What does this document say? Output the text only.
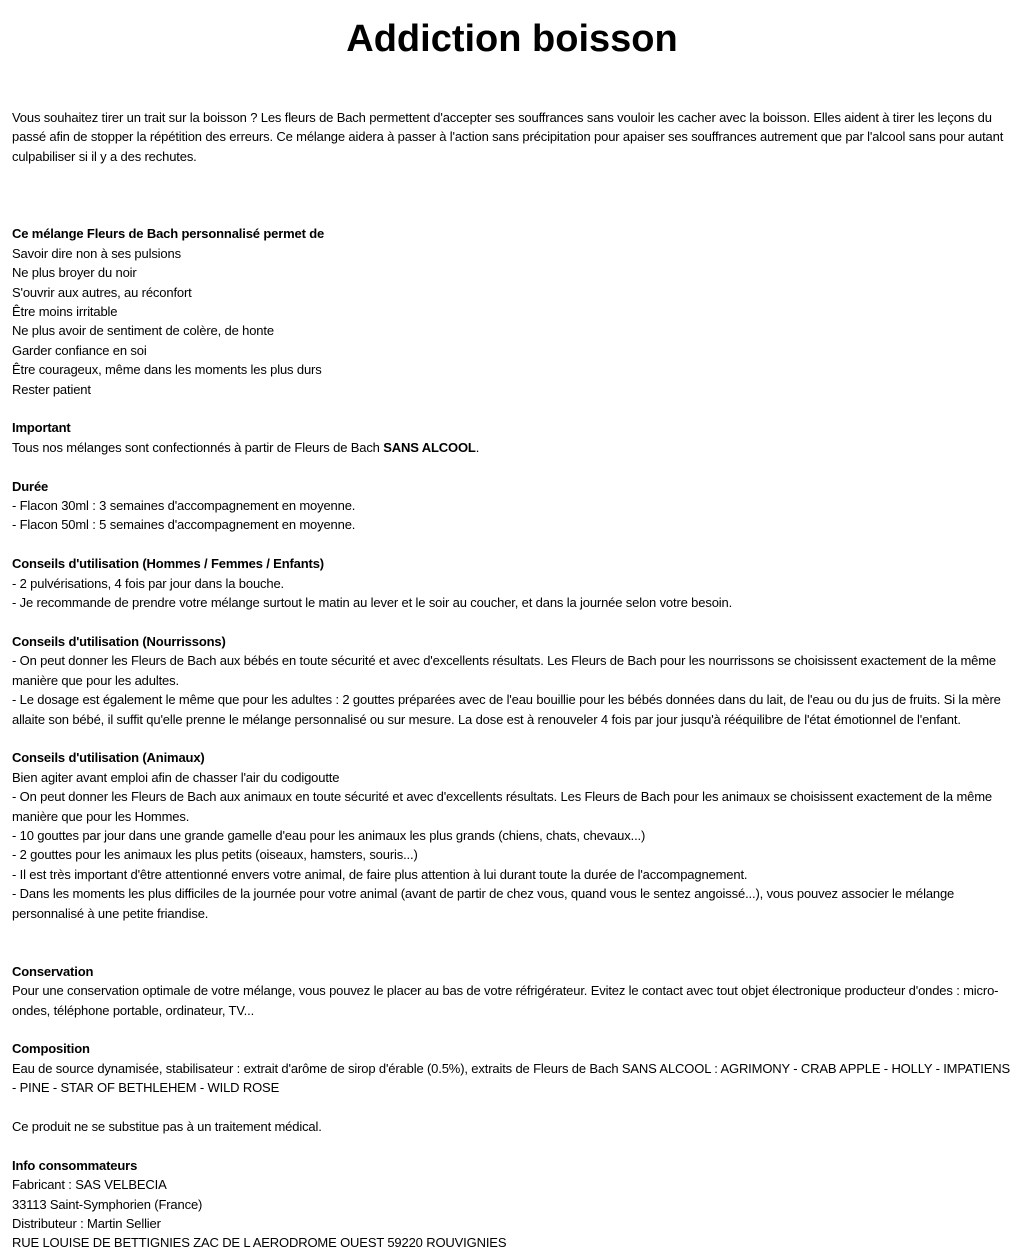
Addiction boisson

Vous souhaitez tirer un trait sur la boisson ? Les fleurs de Bach permettent d'accepter ses souffrances sans vouloir les cacher avec la boisson. Elles aident à tirer les leçons du passé afin de stopper la répétition des erreurs. Ce mélange aidera à passer à l'action sans précipitation pour apaiser ses souffrances autrement que par l'alcool sans pour autant culpabiliser si il y a des rechutes.

Ce mélange Fleurs de Bach personnalisé permet de

Savoir dire non à ses pulsions

Ne plus broyer du noir

S'ouvrir aux autres, au réconfort

Être moins irritable

Ne plus avoir de sentiment de colère, de honte

Garder confiance en soi

Être courageux, même dans les moments les plus durs

Rester patient

Important

Tous nos mélanges sont confectionnés à partir de Fleurs de Bach SANS ALCOOL.

Durée

- Flacon 30ml : 3 semaines d'accompagnement en moyenne.

- Flacon 50ml : 5 semaines d'accompagnement en moyenne.

Conseils d'utilisation (Hommes / Femmes / Enfants)

- 2 pulvérisations, 4 fois par jour dans la bouche.

- Je recommande de prendre votre mélange surtout le matin au lever et le soir au coucher, et dans la journée selon votre besoin.

Conseils d'utilisation (Nourrissons)

- On peut donner les Fleurs de Bach aux bébés en toute sécurité et avec d'excellents résultats. Les Fleurs de Bach pour les nourrissons se choisissent exactement de la même manière que pour les adultes.

- Le dosage est également le même que pour les adultes : 2 gouttes préparées avec de l'eau bouillie pour les bébés données dans du lait, de l'eau ou du jus de fruits. Si la mère allaite son bébé, il suffit qu'elle prenne le mélange personnalisé ou sur mesure. La dose est à renouveler 4 fois par jour jusqu'à rééquilibre de l'état émotionnel de l'enfant.

Conseils d'utilisation (Animaux)

Bien agiter avant emploi afin de chasser l'air du codigoutte

- On peut donner les Fleurs de Bach aux animaux en toute sécurité et avec d'excellents résultats. Les Fleurs de Bach pour les animaux se choisissent exactement de la même manière que pour les Hommes.

- 10 gouttes par jour dans une grande gamelle d'eau pour les animaux les plus grands (chiens, chats, chevaux...)

- 2 gouttes pour les animaux les plus petits (oiseaux, hamsters, souris...)

- Il est très important d'être attentionné envers votre animal, de faire plus attention à lui durant toute la durée de l'accompagnement.

- Dans les moments les plus difficiles de la journée pour votre animal (avant de partir de chez vous, quand vous le sentez angoissé...), vous pouvez associer le mélange personnalisé à une petite friandise.

Conservation

Pour une conservation optimale de votre mélange, vous pouvez le placer au bas de votre réfrigérateur. Evitez le contact avec tout objet électronique producteur d'ondes : micro-ondes, téléphone portable, ordinateur, TV...

Composition

Eau de source dynamisée, stabilisateur : extrait d'arôme de sirop d'érable (0.5%), extraits de Fleurs de Bach SANS ALCOOL : AGRIMONY - CRAB APPLE - HOLLY - IMPATIENS - PINE - STAR OF BETHLEHEM - WILD ROSE

Ce produit ne se substitue pas à un traitement médical.

Info consommateurs

Fabricant : SAS VELBECIA

33113 Saint-Symphorien (France)

Distributeur : Martin Sellier

RUE LOUISE DE BETTIGNIES ZAC DE L AERODROME OUEST 59220 ROUVIGNIES
